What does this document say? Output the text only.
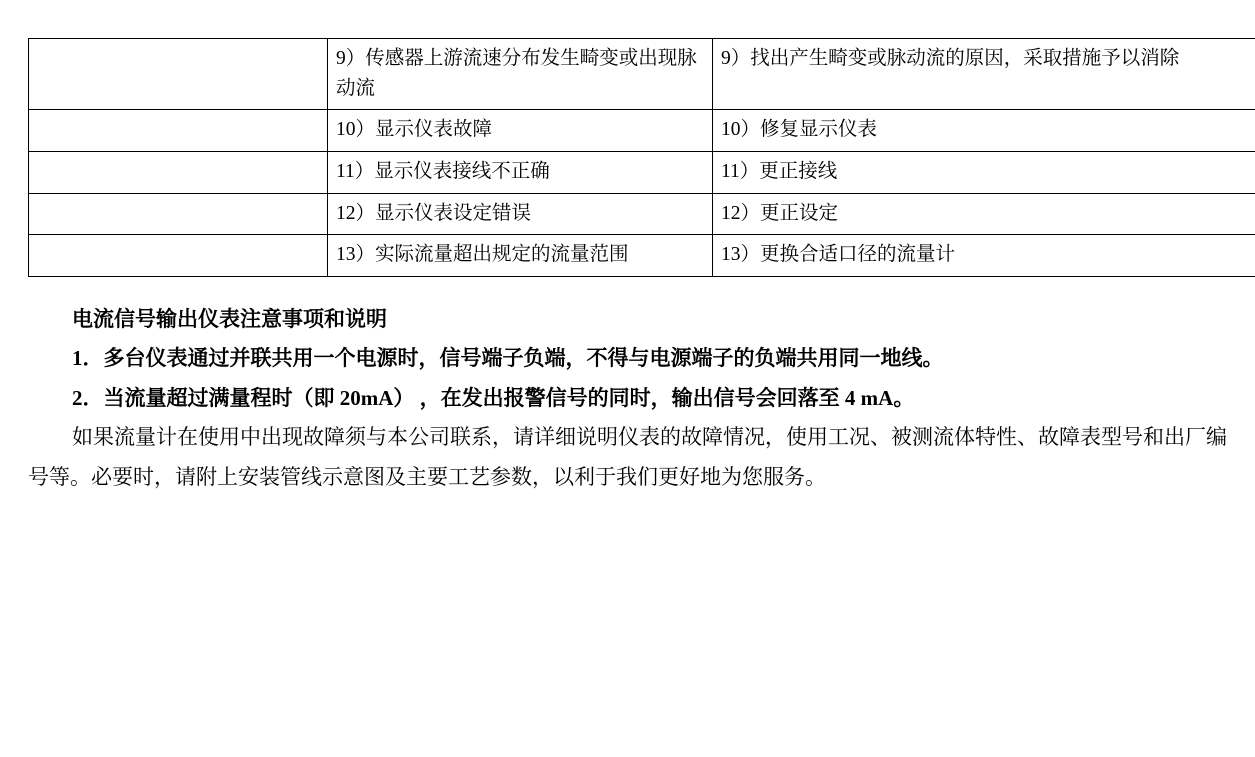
	9）传感器上游流速分布发生畸变或出现脉动流	9）找出产生畸变或脉动流的原因，采取措施予以消除
	10）显示仪表故障	10）修复显示仪表
	11）显示仪表接线不正确	11）更正接线
	12）显示仪表设定错误	12）更正设定
	13）实际流量超出规定的流量范围	13）更换合适口径的流量计
电流信号输出仪表注意事项和说明

1．多台仪表通过并联共用一个电源时，信号端子负端，不得与电源端子的负端共用同一地线。

2．当流量超过满量程时（即 20mA） ，在发出报警信号的同时，输出信号会回落至 4 mA。

如果流量计在使用中出现故障须与本公司联系，请详细说明仪表的故障情况，使用工况、被测流体特性、故障表型号和出厂编号等。必要时，请附上安装管线示意图及主要工艺参数，以利于我们更好地为您服务。
